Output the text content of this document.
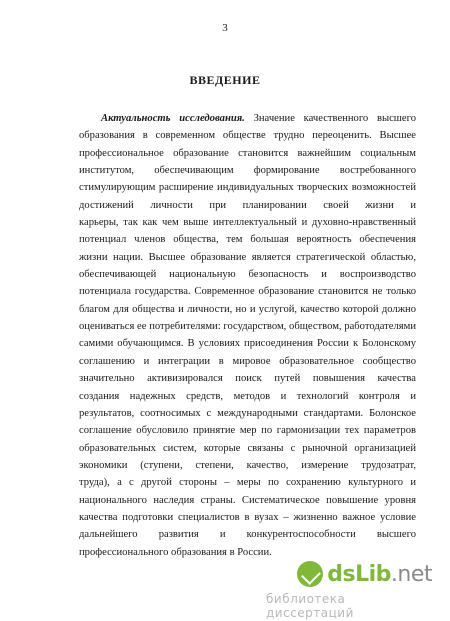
3
ВВЕДЕНИЕ
Актуальность исследования. Значение качественного высшего
образования в современном обществе трудно переоценить. Высшее
профессиональное образование становится важнейшим социальным
институтом, обеспечивающим формирование востребованного
стимулирующим расширение индивидуальных творческих возможностей
достижений личности при планировании своей жизни и
карьеры, так как чем выше интеллектуальный и духовно-нравственный
потенциал членов общества, тем большая вероятность обеспечения
жизни нации. Высшее образование является стратегической областью,
обеспечивающей национальную безопасность и воспроизводство
потенциала государства. Современное образование становится не только
благом для общества и личности, но и услугой, качество которой должно
оцениваться ее потребителями: государством, обществом, работодателями
самими обучающимся. В условиях присоединения России к Болонскому
соглашению и интеграции в мировое образовательное сообщество
значительно активизировался поиск путей повышения качества
создания надежных средств, методов и технологий контроля и
результатов, соотносимых с международными стандартами. Болонское
соглашение обусловило принятие мер по гармонизации тех параметров
образовательных систем, которые связаны с рыночной организацией
экономики (ступени, степени, качество, измерение трудозатрат,
труда), а с другой стороны – меры по сохранению культурного и
национального наследия страны. Систематическое повышение уровня
качества подготовки специалистов в вузах – жизненно важное условие
дальнейшего развития и конкурентоспособности высшего
профессионального образования в России.
dsLib.net
библиотека диссертаций
